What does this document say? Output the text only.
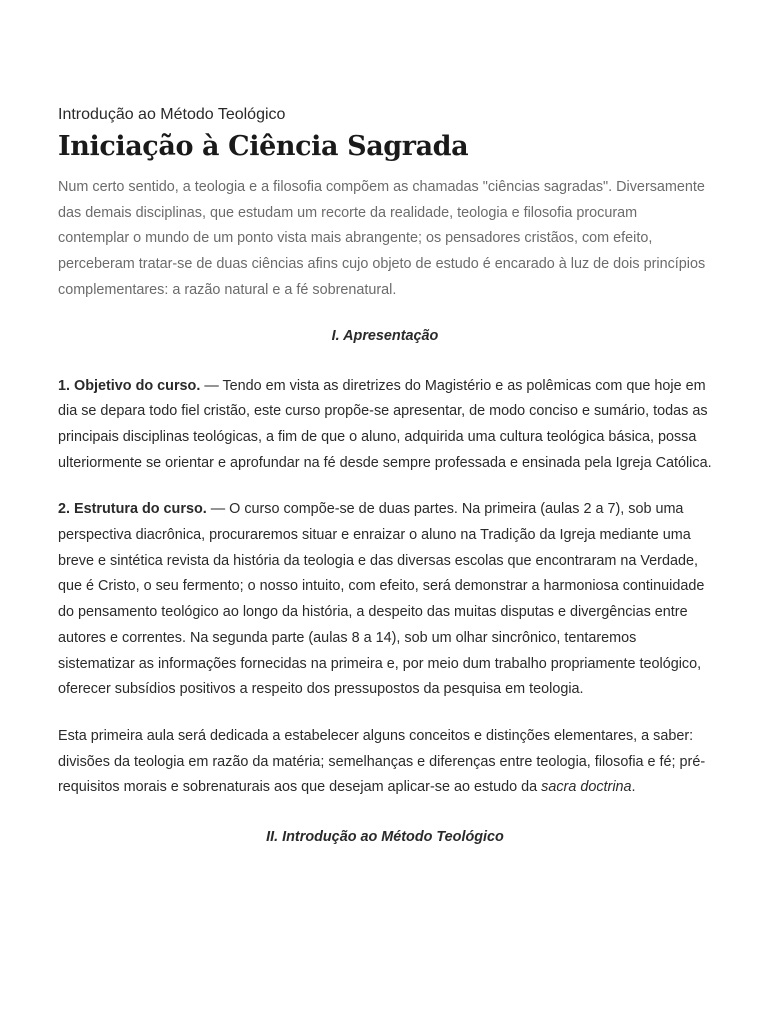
Introdução ao Método Teológico

Iniciação à Ciência Sagrada

Num certo sentido, a teologia e a filosofia compõem as chamadas "ciências sagradas". Diversamente das demais disciplinas, que estudam um recorte da realidade, teologia e filosofia procuram contemplar o mundo de um ponto vista mais abrangente; os pensadores cristãos, com efeito, perceberam tratar-se de duas ciências afins cujo objeto de estudo é encarado à luz de dois princípios complementares: a razão natural e a fé sobrenatural.

I. Apresentação

1. Objetivo do curso. — Tendo em vista as diretrizes do Magistério e as polêmicas com que hoje em dia se depara todo fiel cristão, este curso propõe-se apresentar, de modo conciso e sumário, todas as principais disciplinas teológicas, a fim de que o aluno, adquirida uma cultura teológica básica, possa ulteriormente se orientar e aprofundar na fé desde sempre professada e ensinada pela Igreja Católica.

2. Estrutura do curso. — O curso compõe-se de duas partes. Na primeira (aulas 2 a 7), sob uma perspectiva diacrônica, procuraremos situar e enraizar o aluno na Tradição da Igreja mediante uma breve e sintética revista da história da teologia e das diversas escolas que encontraram na Verdade, que é Cristo, o seu fermento; o nosso intuito, com efeito, será demonstrar a harmoniosa continuidade do pensamento teológico ao longo da história, a despeito das muitas disputas e divergências entre autores e correntes. Na segunda parte (aulas 8 a 14), sob um olhar sincrônico, tentaremos sistematizar as informações fornecidas na primeira e, por meio dum trabalho propriamente teológico, oferecer subsídios positivos a respeito dos pressupostos da pesquisa em teologia.

Esta primeira aula será dedicada a estabelecer alguns conceitos e distinções elementares, a saber: divisões da teologia em razão da matéria; semelhanças e diferenças entre teologia, filosofia e fé; pré-requisitos morais e sobrenaturais aos que desejam aplicar-se ao estudo da sacra doctrina.

II. Introdução ao Método Teológico
